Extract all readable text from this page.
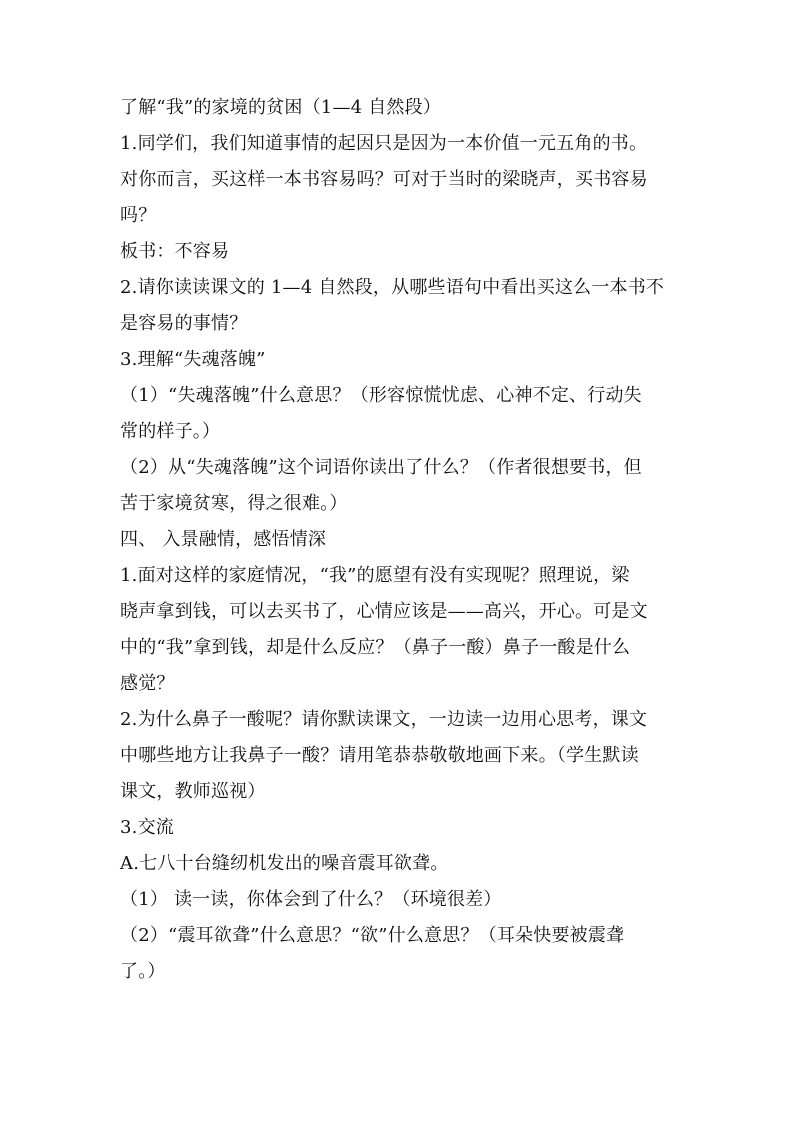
了解“我”的家境的贫困（1—4 自然段）
1.同学们，我们知道事情的起因只是因为一本价值一元五角的书。
对你而言，买这样一本书容易吗？可对于当时的梁晓声，买书容易
吗？
板书：不容易
2.请你读读课文的 1—4 自然段，从哪些语句中看出买这么一本书不
是容易的事情？
3.理解“失魂落魄”
（1）“失魂落魄”什么意思？（形容惊慌忧虑、心神不定、行动失
常的样子。）
（2）从“失魂落魄”这个词语你读出了什么？（作者很想要书，但
苦于家境贫寒，得之很难。）
四、 入景融情，感悟情深
1.面对这样的家庭情况，“我”的愿望有没有实现呢？照理说，梁
晓声拿到钱，可以去买书了，心情应该是——高兴，开心。可是文
中的“我”拿到钱，却是什么反应？（鼻子一酸）鼻子一酸是什么
感觉？
2.为什么鼻子一酸呢？请你默读课文，一边读一边用心思考，课文
中哪些地方让我鼻子一酸？请用笔恭恭敬敬地画下来。（学生默读
课文，教师巡视）
3.交流
A.七八十台缝纫机发出的噪音震耳欲聋。
（1） 读一读，你体会到了什么？（环境很差）
（2）“震耳欲聋”什么意思？“欲”什么意思？（耳朵快要被震聋
了。）
